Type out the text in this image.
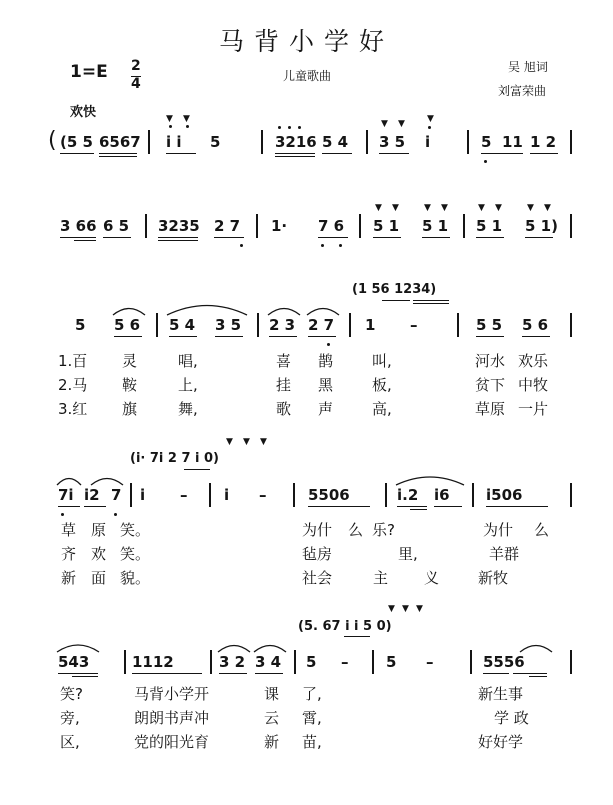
马背小学好
1=E 2
4	儿童歌曲
吴 旭词
刘富荣曲
欢快
( (5 5 6567 i i 5
▼ ▼
3216 5 4 3 5 i
▼ ▼ ▼
5 11 1 2
3 66 6 5 3235 2 7 1· 7 6 5 1 5 1
▼ ▼	▼ ▼
5 1 5 1)
▼ ▼	▼ ▼
(1 56 1234)
5 5 6 5 4 3 5 2 3 2 7 1 –	5 5 5 6
1.百 灵	唱,	喜 鹊	叫,	河水 欢乐
2.马 鞍	上,	挂 黑	板,	贫下 中牧
3.红 旗	舞,	歌 声	高,	草原 一片
(i· 7i 2 7 i 0)
▼ ▼ ▼
7i i2 7 i – i –	5506	i.2 i6 i506
草 原 笑。	为什 么 乐?	为什 么
齐 欢 笑。	毡房	里,	羊群
新 面 貌。	社会	主 义	新牧
(5. 67 i i 5 0)
▼ ▼ ▼
543	1112	3 2 3 4 5 –	5 –	5556
笑?	马背小学开	课 了,	新生事
旁,	朗朗书声冲	云 霄,	学 政
区,	党的阳光育	新 苗,	好好学
